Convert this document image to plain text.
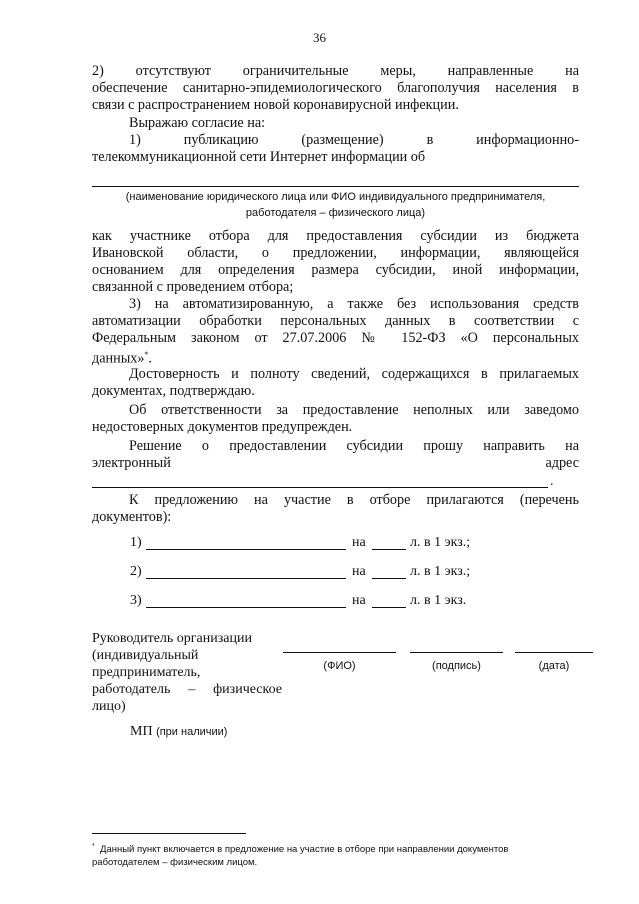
36

2) отсутствуют ограничительные меры, направленные на

обеспечение санитарно-эпидемиологического благополучия населения в

связи с распространением новой коронавирусной инфекции.

Выражаю согласие на:

1) публикацию (размещение) в информационно-

телекоммуникационной сети Интернет информации об

(наименование юридического лица или ФИО индивидуального предпринимателя,
работодателя – физического лица)

как участнике отбора для предоставления субсидии из бюджета

Ивановской области, о предложении, информации, являющейся

основанием для определения размера субсидии, иной информации,

связанной с проведением отбора;

3) на автоматизированную, а также без использования средств

автоматизации обработки персональных данных в соответствии с

Федеральным законом от 27.07.2006 № 152-ФЗ «О персональных

данных»*.

Достоверность и полноту сведений, содержащихся в прилагаемых

документах, подтверждаю.

Об ответственности за предоставление неполных или заведомо

недостоверных документов предупрежден.

Решение о предоставлении субсидии прошу направить на

электронный адрес

.

К предложению на участие в отборе прилагаются (перечень

документов):

1)	на	л. в 1 экз.;
2)	на	л. в 1 экз.;
3)	на	л. в 1 экз.
Руководитель организации
(индивидуальный
предприниматель,
работодатель – физическое
лицо)
(ФИО)	(подпись)	(дата)
МП (при наличии)
* Данный пункт включается в предложение на участие в отборе при направлении документов
работодателем – физическим лицом.
